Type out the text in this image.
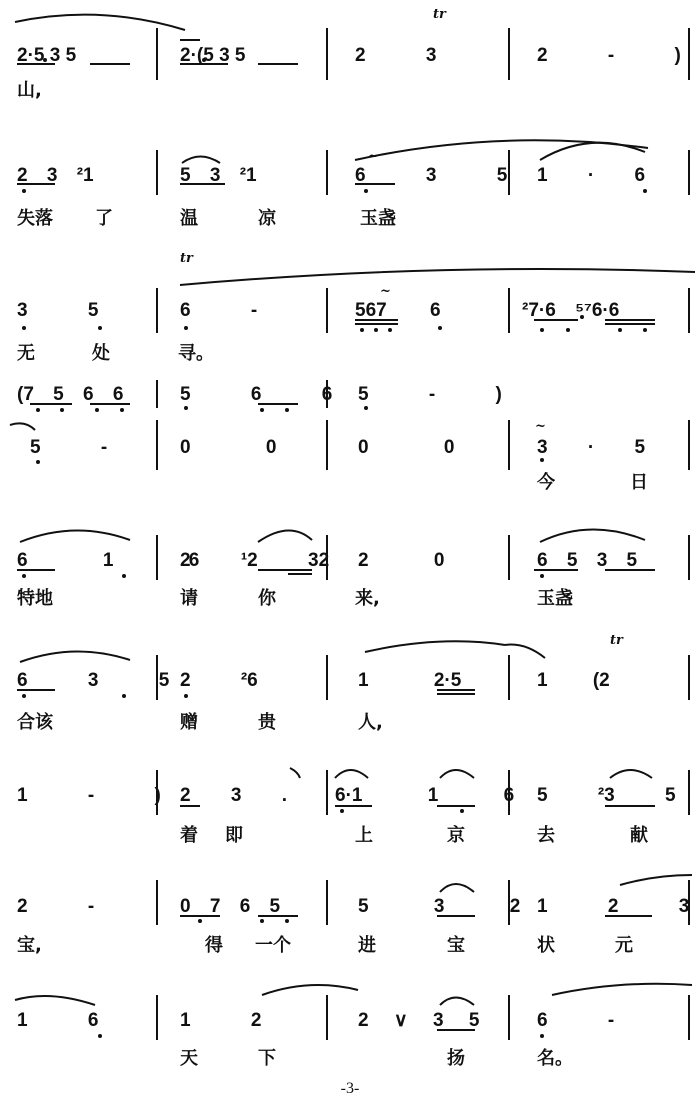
tr
2·5 3 5	2·(5 3 5	2 3	2 - )
山,
~
2 3 ²1	5 3 ²1	6 3 5 1 · 6
失落 了	温	凉	玉盏
tr
~
3 5	6 -	567 6	²7·6 ⁵⁷6·6
无	处	寻。
(7 5 6 6	5 6 6 5 - )
~
5 -	0 0	0 0	3 · 5
今	日
6 1 6
2 ¹2 32 2 0	6 5 3 5
特地	请	你	来,	玉盏
tr
6 3 5 2 ²6	1 2·5	1 (2
合该	赠	贵	人,
1 - ) 2 3 .	6·1 1 6 5 ²3 5
着 即	上	京	去	献
2 -	0 7 6 5	5 3 2 1 2 3
宝,	得 一个	进	宝	状	元
1 6	1 2	2 ∨ 3 5	6 -
天	下	扬	名。
-3-
